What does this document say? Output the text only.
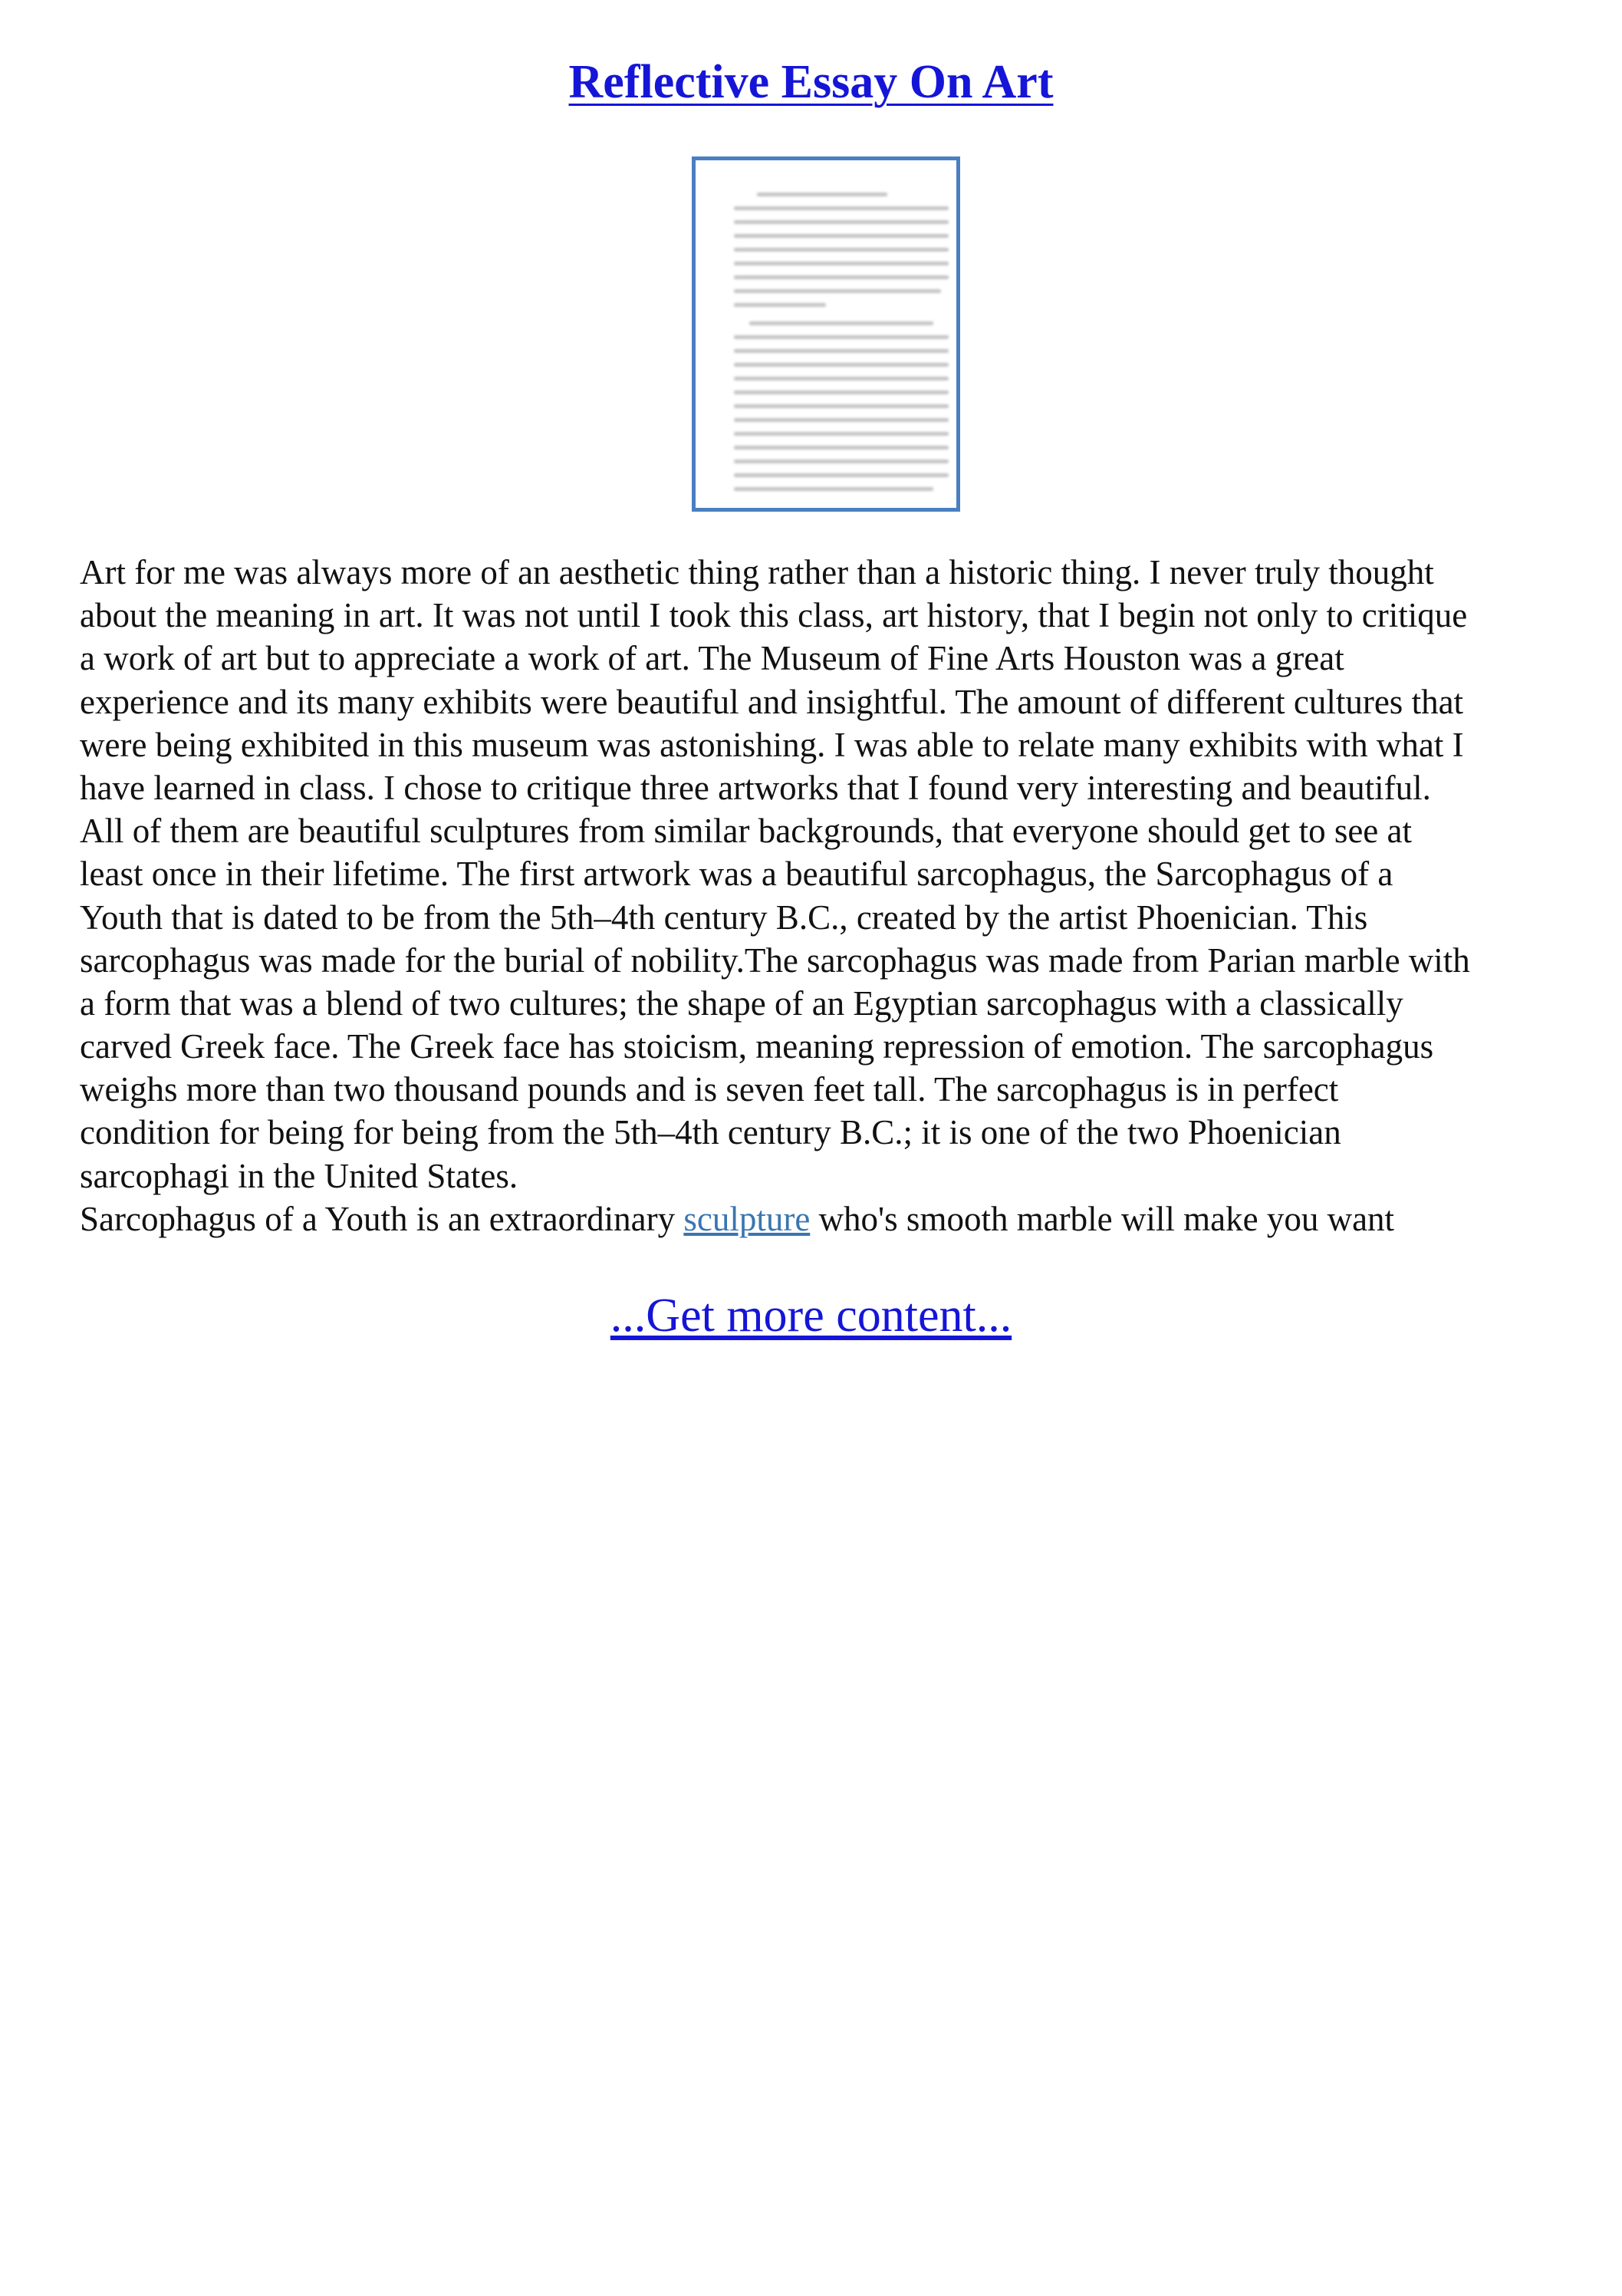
Reflective Essay On Art
Art for me was always more of an aesthetic thing rather than a historic thing. I never truly thought
about the meaning in art. It was not until I took this class, art history, that I begin not only to critique
a work of art but to appreciate a work of art. The Museum of Fine Arts Houston was a great
experience and its many exhibits were beautiful and insightful. The amount of different cultures that
were being exhibited in this museum was astonishing. I was able to relate many exhibits with what I
have learned in class. I chose to critique three artworks that I found very interesting and beautiful.
All of them are beautiful sculptures from similar backgrounds, that everyone should get to see at
least once in their lifetime. The first artwork was a beautiful sarcophagus, the Sarcophagus of a
Youth that is dated to be from the 5th–4th century B.C., created by the artist Phoenician. This
sarcophagus was made for the burial of nobility.The sarcophagus was made from Parian marble with
a form that was a blend of two cultures; the shape of an Egyptian sarcophagus with a classically
carved Greek face. The Greek face has stoicism, meaning repression of emotion. The sarcophagus
weighs more than two thousand pounds and is seven feet tall. The sarcophagus is in perfect
condition for being for being from the 5th–4th century B.C.; it is one of the two Phoenician
sarcophagi in the United States.
Sarcophagus of a Youth is an extraordinary sculpture who's smooth marble will make you want
...Get more content...
